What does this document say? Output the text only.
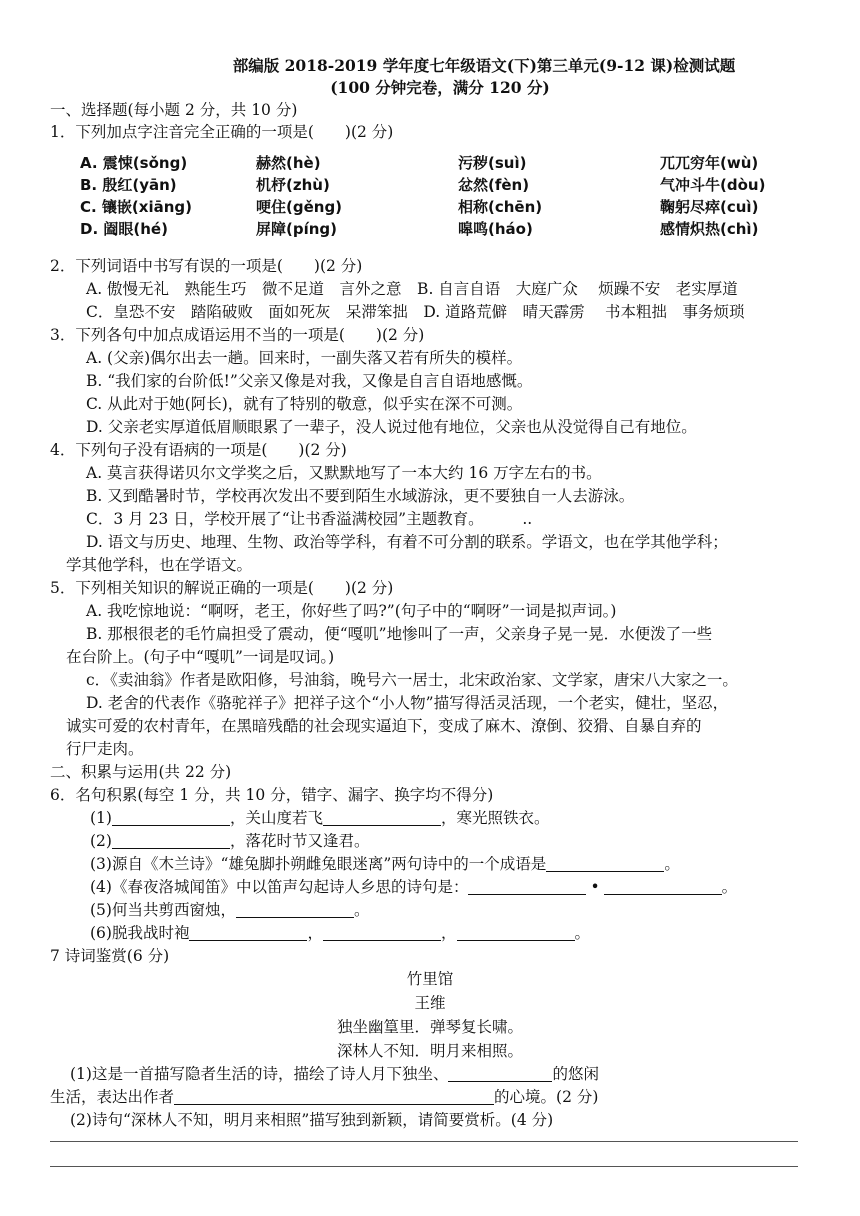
部编版 2018-2019 学年度七年级语文(下)第三单元(9-12 课)检测试题
(100 分钟完卷，满分 120 分)
一、选择题(每小题 2 分，共 10 分)
1．下列加点字注音完全正确的一项是(　　)(2 分)
A. 震悚(sǒng)	赫然(hè)	污秽(suì)	兀兀穷年(wù)
B. 殷红(yān)	机杼(zhù)	忿然(fèn)	气冲斗牛(dòu)
C. 镶嵌(xiāng)	哽住(gěng)	相称(chēn)	鞠躬尽瘁(cuì)
D. 阖眼(hé)	屏障(píng)	嗥鸣(háo)	感情炽热(chì)
2．下列词语中书写有误的一项是(　　)(2 分)
A. 傲慢无礼　熟能生巧　微不足道　言外之意　B. 自言自语　大庭广众　 烦躁不安　老实厚道
C．皇恐不安　踏陷破败　面如死灰　呆滞笨拙　D. 道路荒僻　晴天霹雳　 书本粗拙　事务烦琐
3．下列各句中加点成语运用不当的一项是(　　)(2 分)
A. (父亲)偶尔出去一趟。回来时，一副失落又若有所失的模样。
B. “我们家的台阶低!”父亲又像是对我，又像是自言自语地感慨。
C. 从此对于她(阿长)，就有了特别的敬意，似乎实在深不可测。
D. 父亲老实厚道低眉顺眼累了一辈子，没人说过他有地位，父亲也从没觉得自己有地位。
4．下列句子没有语病的一项是(　　)(2 分)
A. 莫言获得诺贝尔文学奖之后，又默默地写了一本大约 16 万字左右的书。
B. 又到酷暑时节，学校再次发出不要到陌生水域游泳，更不要独自一人去游泳。
C．3 月 23 日，学校开展了“让书香溢满校园”主题教育。　　　..
D. 语文与历史、地理、生物、政治等学科，有着不可分割的联系。学语文，也在学其他学科；
学其他学科，也在学语文。
5．下列相关知识的解说正确的一项是(　　)(2 分)
A. 我吃惊地说：“啊呀，老王，你好些了吗?”(句子中的“啊呀”一词是拟声词。)
B. 那根很老的毛竹扁担受了震动，便“嘎叽”地惨叫了一声，父亲身子晃一晃．水便泼了一些
在台阶上。(句子中“嘎叽”一词是叹词。)
c．《卖油翁》作者是欧阳修，号油翁，晚号六一居士，北宋政治家、文学家，唐宋八大家之一。
D. 老舍的代表作《骆驼祥子》把祥子这个“小人物”描写得活灵活现，一个老实，健壮，坚忍，
诚实可爱的农村青年，在黑暗残酷的社会现实逼迫下，变成了麻木、潦倒、狡猾、自暴自弃的
行尸走肉。
二、积累与运用(共 22 分)
6．名句积累(每空 1 分，共 10 分，错字、漏字、换字均不得分)
(1)	，关山度若飞	，寒光照铁衣。
(2)	，落花时节又逢君。
(3)源自《木兰诗》“雄兔脚扑朔雌兔眼迷离”两句诗中的一个成语是	。
(4)《春夜洛城闻笛》中以笛声勾起诗人乡思的诗句是：	•	。
(5)何当共剪西窗烛，	。
(6)脱我战时袍	，	，	。
7 诗词鉴赏(6 分)
竹里馆
王维
独坐幽篁里．弹琴复长啸。
深林人不知．明月来相照。
(1)这是一首描写隐者生活的诗，描绘了诗人月下独坐、	的悠闲
生活，表达出作者	的心境。(2 分)
(2)诗句“深林人不知，明月来相照”描写独到新颖，请简要赏析。(4 分)
